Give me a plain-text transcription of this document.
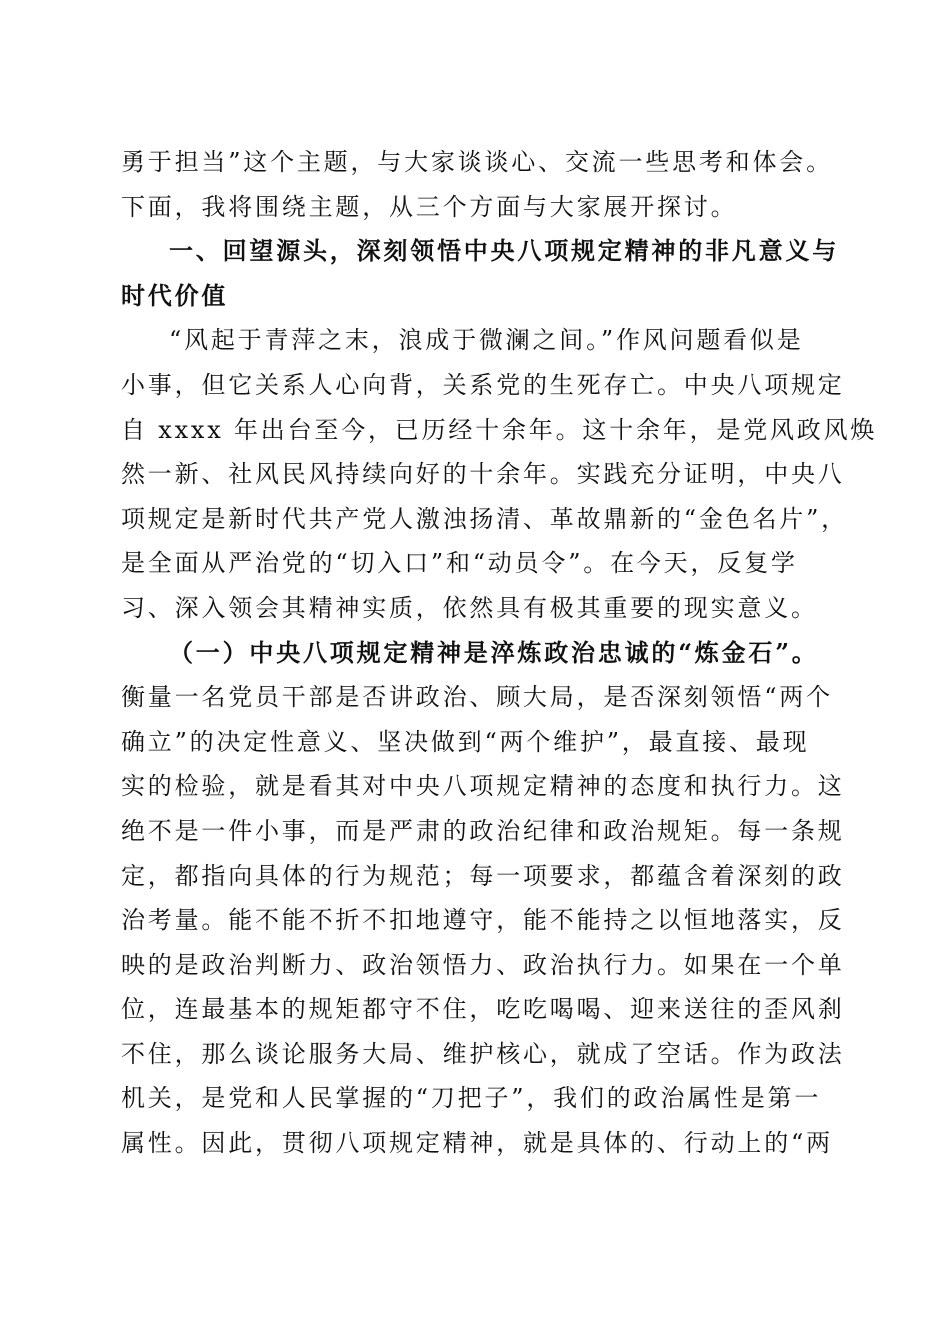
勇于担当”这个主题，与大家谈谈心、交流一些思考和体会。
下面，我将围绕主题，从三个方面与大家展开探讨。
一、回望源头，深刻领悟中央八项规定精神的非凡意义与
时代价值
“风起于青萍之末，浪成于微澜之间。”作风问题看似是
小事，但它关系人心向背，关系党的生死存亡。中央八项规定
自 xxxx 年出台至今，已历经十余年。这十余年，是党风政风焕
然一新、社风民风持续向好的十余年。实践充分证明，中央八
项规定是新时代共产党人激浊扬清、革故鼎新的“金色名片”，
是全面从严治党的“切入口”和“动员令”。在今天，反复学
习、深入领会其精神实质，依然具有极其重要的现实意义。
（一）中央八项规定精神是淬炼政治忠诚的“炼金石”。
衡量一名党员干部是否讲政治、顾大局，是否深刻领悟“两个
确立”的决定性意义、坚决做到“两个维护”，最直接、最现
实的检验，就是看其对中央八项规定精神的态度和执行力。这
绝不是一件小事，而是严肃的政治纪律和政治规矩。每一条规
定，都指向具体的行为规范；每一项要求，都蕴含着深刻的政
治考量。能不能不折不扣地遵守，能不能持之以恒地落实，反
映的是政治判断力、政治领悟力、政治执行力。如果在一个单
位，连最基本的规矩都守不住，吃吃喝喝、迎来送往的歪风刹
不住，那么谈论服务大局、维护核心，就成了空话。作为政法
机关，是党和人民掌握的“刀把子”，我们的政治属性是第一
属性。因此，贯彻八项规定精神，就是具体的、行动上的“两
